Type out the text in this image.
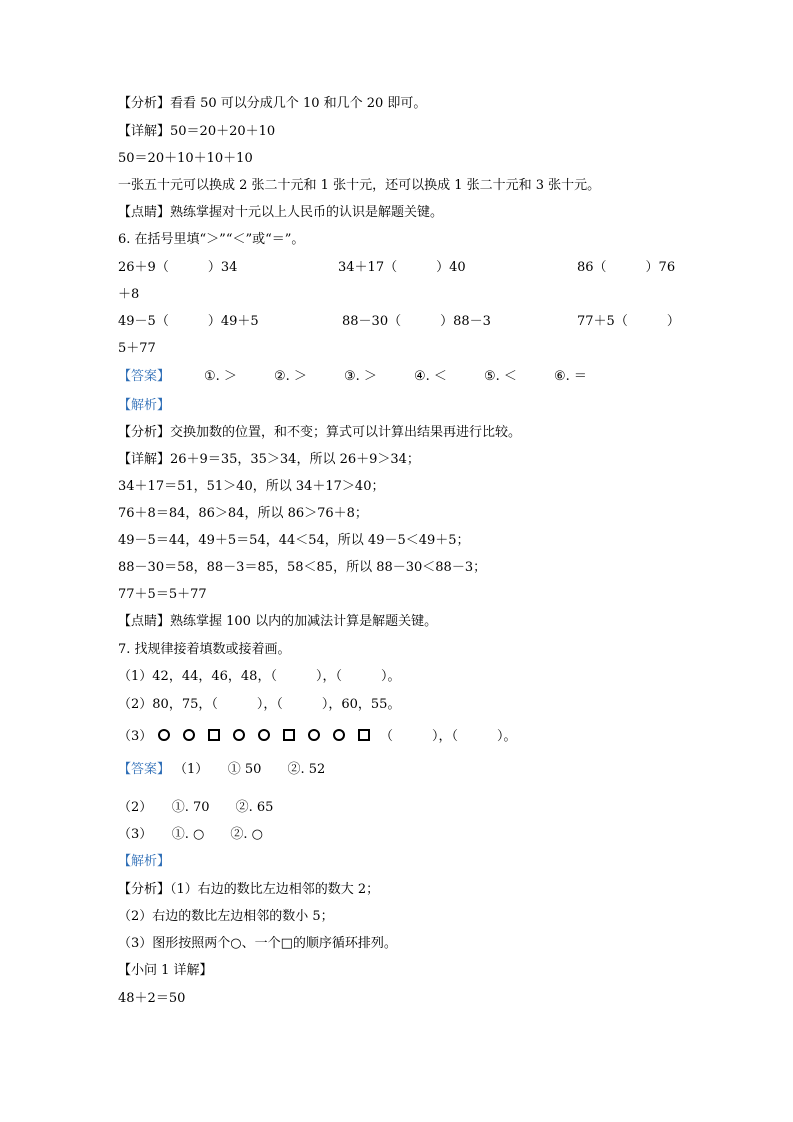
【分析】看看 50 可以分成几个 10 和几个 20 即可。
【详解】50＝20＋20＋10
50＝20＋10＋10＋10
一张五十元可以换成 2 张二十元和 1 张十元，还可以换成 1 张二十元和 3 张十元。
【点睛】熟练掌握对十元以上人民币的认识是解题关键。
6. 在括号里填“＞”“＜”或“＝”。
26＋9（　　　）34	34＋17（　　　）40	86（　　　）76
＋8
49－5（　　　）49＋5	88－30（　　　）88－3	77＋5（　　　）
5＋77
【答案】	①. ＞	②. ＞	③. ＞	④. ＜	⑤. ＜	⑥. ＝
【解析】
【分析】交换加数的位置，和不变；算式可以计算出结果再进行比较。
【详解】26＋9＝35，35＞34，所以 26＋9＞34；
34＋17＝51，51＞40，所以 34＋17＞40；
76＋8＝84，86＞84，所以 86＞76＋8；
49－5＝44，49＋5＝54，44＜54，所以 49－5＜49＋5；
88－30＝58，88－3＝85，58＜85，所以 88－30＜88－3；
77＋5＝5＋77
【点睛】熟练掌握 100 以内的加减法计算是解题关键。
7. 找规律接着填数或接着画。
（1）42，44，46，48，（　　　），（　　　）。
（2）80，75，（　　　），（　　　），60，55。
（3）	（　　　），（　　　）。
【答案】 （1）　　① 50　　②. 52
（2）　　①. 70　　②. 65
（3）　　①. ○　　②. ○
【解析】
【分析】（1）右边的数比左边相邻的数大 2；
（2）右边的数比左边相邻的数小 5；
（3）图形按照两个○、一个□的顺序循环排列。
【小问 1 详解】
48＋2＝50
